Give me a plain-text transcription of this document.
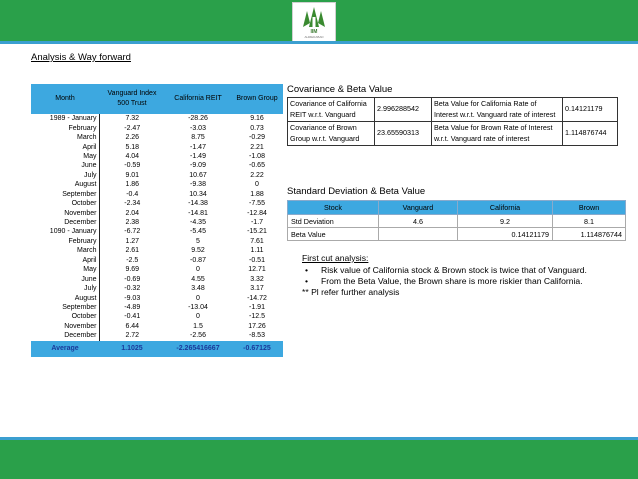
IIM
AHMEDABAD
Analysis & Way forward
Month	Vanguard Index 500 Trust	California REIT	Brown Group
1989 - January	7.32	-28.26	9.16
February	-2.47	-3.03	0.73
March	2.26	8.75	-0.29
April	5.18	-1.47	2.21
May	4.04	-1.49	-1.08
June	-0.59	-9.09	-0.65
July	9.01	10.67	2.22
August	1.86	-9.38	0
September	-0.4	10.34	1.88
October	-2.34	-14.38	-7.55
November	2.04	-14.81	-12.84
December	2.38	-4.35	-1.7
1090 - January	-6.72	-5.45	-15.21
February	1.27	5	7.61
March	2.61	9.52	1.11
April	-2.5	-0.87	-0.51
May	9.69	0	12.71
June	-0.69	4.55	3.32
July	-0.32	3.48	3.17
August	-9.03	0	-14.72
September	-4.89	-13.04	-1.91
October	-0.41	0	-12.5
November	6.44	1.5	17.26
December	2.72	-2.56	-8.53
Average	1.1025	-2.265416667	-0.67125
Covariance & Beta Value
Covariance of California REIT w.r.t. Vanguard	2.996288542	Beta Value for California Rate of Interest w.r.t. Vanguard rate of interest	0.14121179
Covariance of Brown Group w.r.t. Vanguard	23.65590313	Beta Value for Brown Rate of Interest w.r.t. Vanguard rate of interest	1.114876744
Standard Deviation & Beta Value
Stock	Vanguard	California	Brown
Std Deviation	4.6	9.2	8.1
Beta Value		0.14121179	1.114876744
First cut analysis:
• Risk value of California stock & Brown stock is twice that of Vanguard.
• From the Beta Value, the Brown share is more riskier than California.
** Pl refer further analysis
